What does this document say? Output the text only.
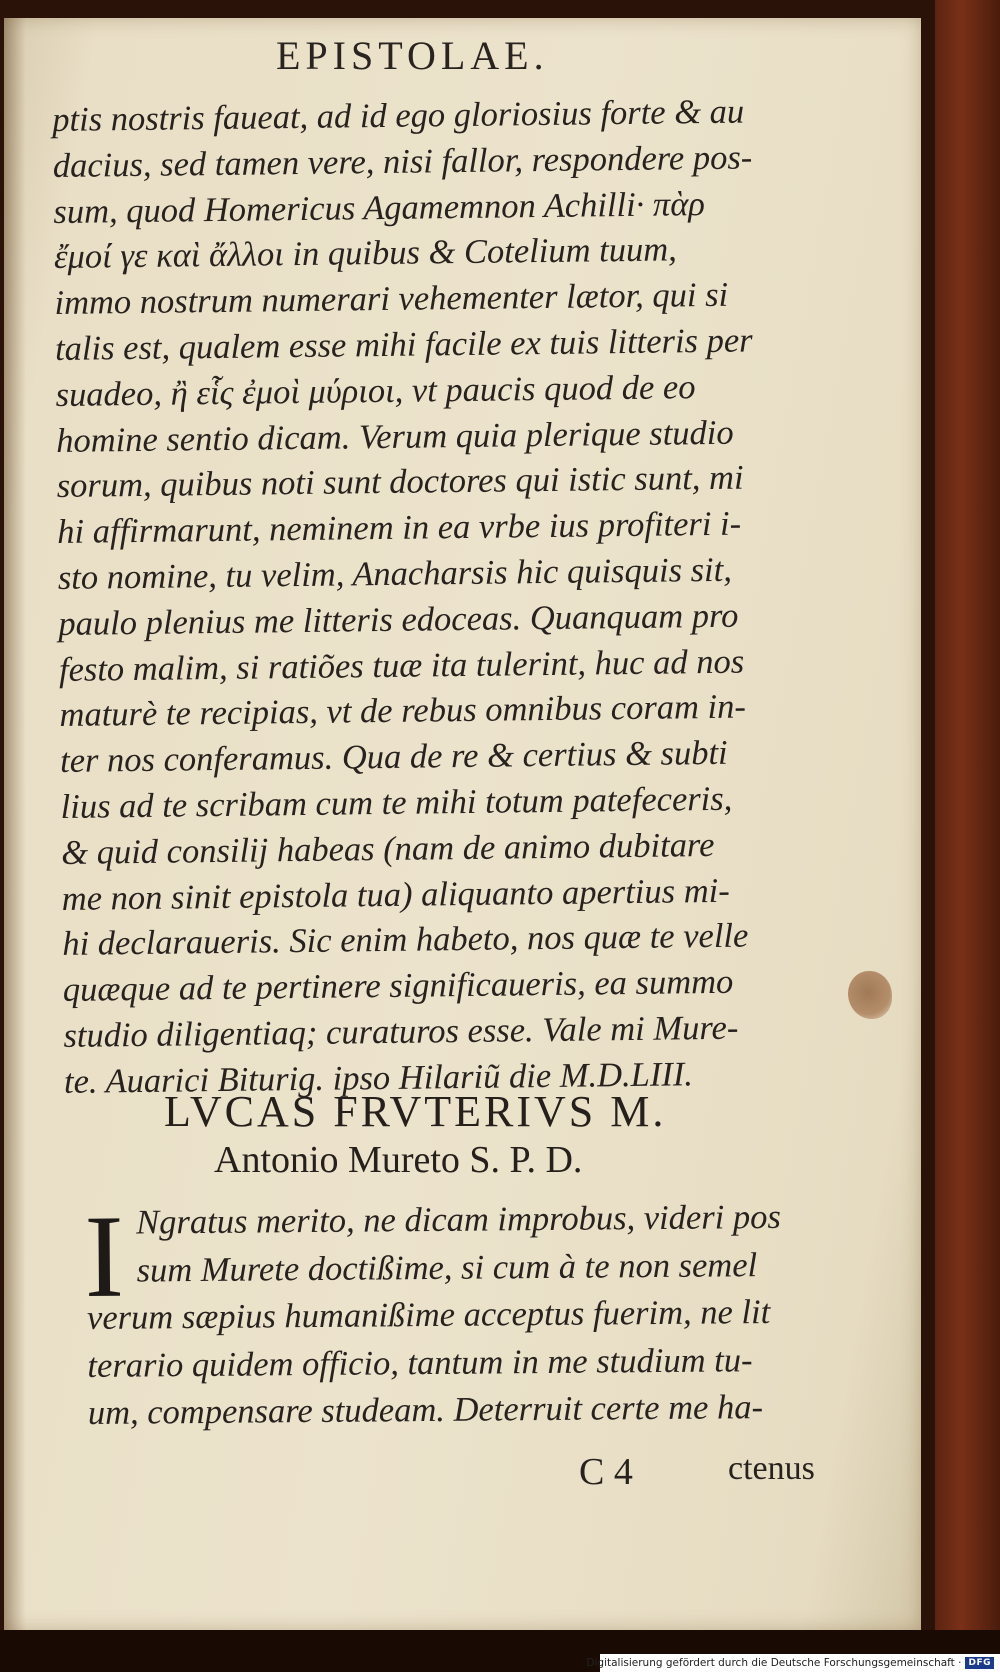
EPISTOLAE.
ptis nostris faueat, ad id ego gloriosius forte & au
dacius, sed tamen vere, nisi fallor, respondere pos-
sum, quod Homericus Agamemnon Achilli· πὰρ
ἔμοί γε καὶ ἄλλοι in quibus & Cotelium tuum,
immo nostrum numerari vehementer lætor, qui si
talis est, qualem esse mihi facile ex tuis litteris per
suadeo, ἢ εἷς ἐμοὶ μύριοι, vt paucis quod de eo
homine sentio dicam. Verum quia plerique studio
sorum, quibus noti sunt doctores qui istic sunt, mi
hi affirmarunt, neminem in ea vrbe ius profiteri i-
sto nomine, tu velim, Anacharsis hic quisquis sit,
paulo plenius me litteris edoceas. Quanquam pro
festo malim, si ratiões tuæ ita tulerint, huc ad nos
maturè te recipias, vt de rebus omnibus coram in-
ter nos conferamus. Qua de re & certius & subti
lius ad te scribam cum te mihi totum patefeceris,
& quid consilij habeas (nam de animo dubitare
me non sinit epistola tua) aliquanto apertius mi-
hi declaraueris. Sic enim habeto, nos quæ te velle
quæque ad te pertinere significaueris, ea summo
studio diligentiaq; curaturos esse. Vale mi Mure-
te. Auarici Biturig. ipso Hilariũ die M.D.LIII.
LVCAS FRVTERIVS M.
Antonio Mureto S. P. D.
I Ngratus merito, ne dicam improbus, videri pos
sum Murete doctißime, si cum à te non semel
verum sæpius humanißime acceptus fuerim, ne lit
terario quidem officio, tantum in me studium tu-
um, compensare studeam. Deterruit certe me ha-
C 4	ctenus
Digitalisierung gefördert durch die Deutsche Forschungsgemeinschaft · DFG
